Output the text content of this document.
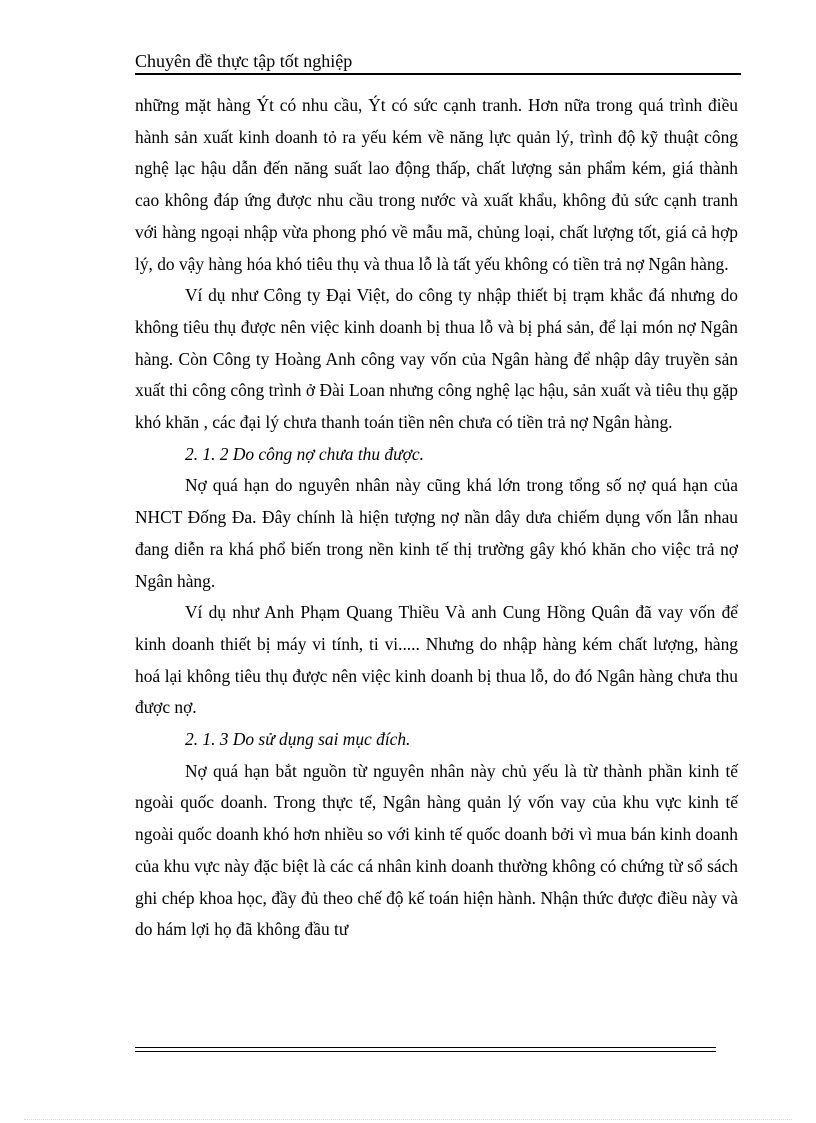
Chuyên đề thực tập tốt nghiệp

những mặt hàng Ýt có nhu cầu, Ýt có sức cạnh tranh. Hơn nữa trong quá trình điều hành sản xuất kinh doanh tỏ ra yếu kém về năng lực quản lý, trình độ kỹ thuật công nghệ lạc hậu dẫn đến năng suất lao động thấp, chất lượng sản phẩm kém, giá thành cao không đáp ứng được nhu cầu trong nước và xuất khẩu, không đủ sức cạnh tranh với hàng ngoại nhập vừa phong phó về mẫu mã, chủng loại, chất lượng tốt, giá cả hợp lý, do vậy hàng hóa khó tiêu thụ và thua lỗ là tất yếu không có tiền trả nợ Ngân hàng.

Ví dụ như Công ty Đại Việt, do công ty nhập thiết bị trạm khắc đá nhưng do không tiêu thụ được nên việc kinh doanh bị thua lỗ và bị phá sản, để lại món nợ Ngân hàng. Còn Công ty Hoàng Anh công vay vốn của Ngân hàng để nhập dây truyền sản xuất thi công công trình ở Đài Loan nhưng công nghệ lạc hậu, sản xuất và tiêu thụ gặp khó khăn , các đại lý chưa thanh toán tiền nên chưa có tiền trả nợ Ngân hàng.

2. 1. 2 Do công nợ chưa thu được.

Nợ quá hạn do nguyên nhân này cũng khá lớn trong tổng số nợ quá hạn của NHCT Đống Đa. Đây chính là hiện tượng nợ nần dây dưa chiếm dụng vốn lẫn nhau đang diễn ra khá phổ biến trong nền kinh tế thị trường gây khó khăn cho việc trả nợ Ngân hàng.

Ví dụ như Anh Phạm Quang Thiều Và anh Cung Hồng Quân đã vay vốn để kinh doanh thiết bị máy vi tính, ti vi..... Nhưng do nhập hàng kém chất lượng, hàng hoá lại không tiêu thụ được nên việc kinh doanh bị thua lỗ, do đó Ngân hàng chưa thu được nợ.

2. 1. 3 Do sử dụng sai mục đích.

Nợ quá hạn bắt nguồn từ nguyên nhân này chủ yếu là từ thành phần kinh tế ngoài quốc doanh. Trong thực tế, Ngân hàng quản lý vốn vay của khu vực kinh tế ngoài quốc doanh khó hơn nhiều so với kinh tế quốc doanh bởi vì mua bán kinh doanh của khu vực này đặc biệt là các cá nhân kinh doanh thường không có chứng từ sổ sách ghi chép khoa học, đầy đủ theo chế độ kế toán hiện hành. Nhận thức được điều này và do hám lợi họ đã không đầu tư
